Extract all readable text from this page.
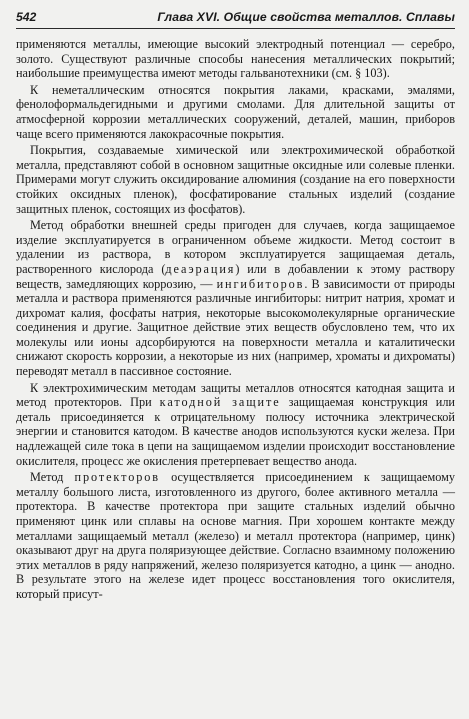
542	Глава XVI. Общие свойства металлов. Сплавы

применяются металлы, имеющие высокий электродный потенциал — серебро, золото. Существуют различные способы нанесения металлических покрытий; наибольшие преимущества имеют методы гальванотехники (см. § 103).

К неметаллическим относятся покрытия лаками, красками, эмалями, фенолоформальдегидными и другими смолами. Для длительной защиты от атмосферной коррозии металлических сооружений, деталей, машин, приборов чаще всего применяются лакокрасочные покрытия.

Покрытия, создаваемые химической или электрохимической обработкой металла, представляют собой в основном защитные оксидные или солевые пленки. Примерами могут служить оксидирование алюминия (создание на его поверхности стойких оксидных пленок), фосфатирование стальных изделий (создание защитных пленок, состоящих из фосфатов).

Метод обработки внешней среды пригоден для случаев, когда защищаемое изделие эксплуатируется в ограниченном объеме жидкости. Метод состоит в удалении из раствора, в котором эксплуатируется защищаемая деталь, растворенного кислорода (деаэрация) или в добавлении к этому раствору веществ, замедляющих коррозию, — ингибиторов. В зависимости от природы металла и раствора применяются различные ингибиторы: нитрит натрия, хромат и дихромат калия, фосфаты натрия, некоторые высокомолекулярные органические соединения и другие. Защитное действие этих веществ обусловлено тем, что их молекулы или ионы адсорбируются на поверхности металла и каталитически снижают скорость коррозии, а некоторые из них (например, хроматы и дихроматы) переводят металл в пассивное состояние.

К электрохимическим методам защиты металлов относятся катодная защита и метод протекторов. При катодной защите защищаемая конструкция или деталь присоединяется к отрицательному полюсу источника электрической энергии и становится катодом. В качестве анодов используются куски железа. При надлежащей силе тока в цепи на защищаемом изделии происходит восстановление окислителя, процесс же окисления претерпевает вещество анода.

Метод протекторов осуществляется присоединением к защищаемому металлу большого листа, изготовленного из другого, более активного металла — протектора. В качестве протектора при защите стальных изделий обычно применяют цинк или сплавы на основе магния. При хорошем контакте между металлами защищаемый металл (железо) и металл протектора (например, цинк) оказывают друг на друга поляризующее действие. Согласно взаимному положению этих металлов в ряду напряжений, железо поляризуется катодно, а цинк — анодно. В результате этого на железе идет процесс восстановления того окислителя, который присут-
